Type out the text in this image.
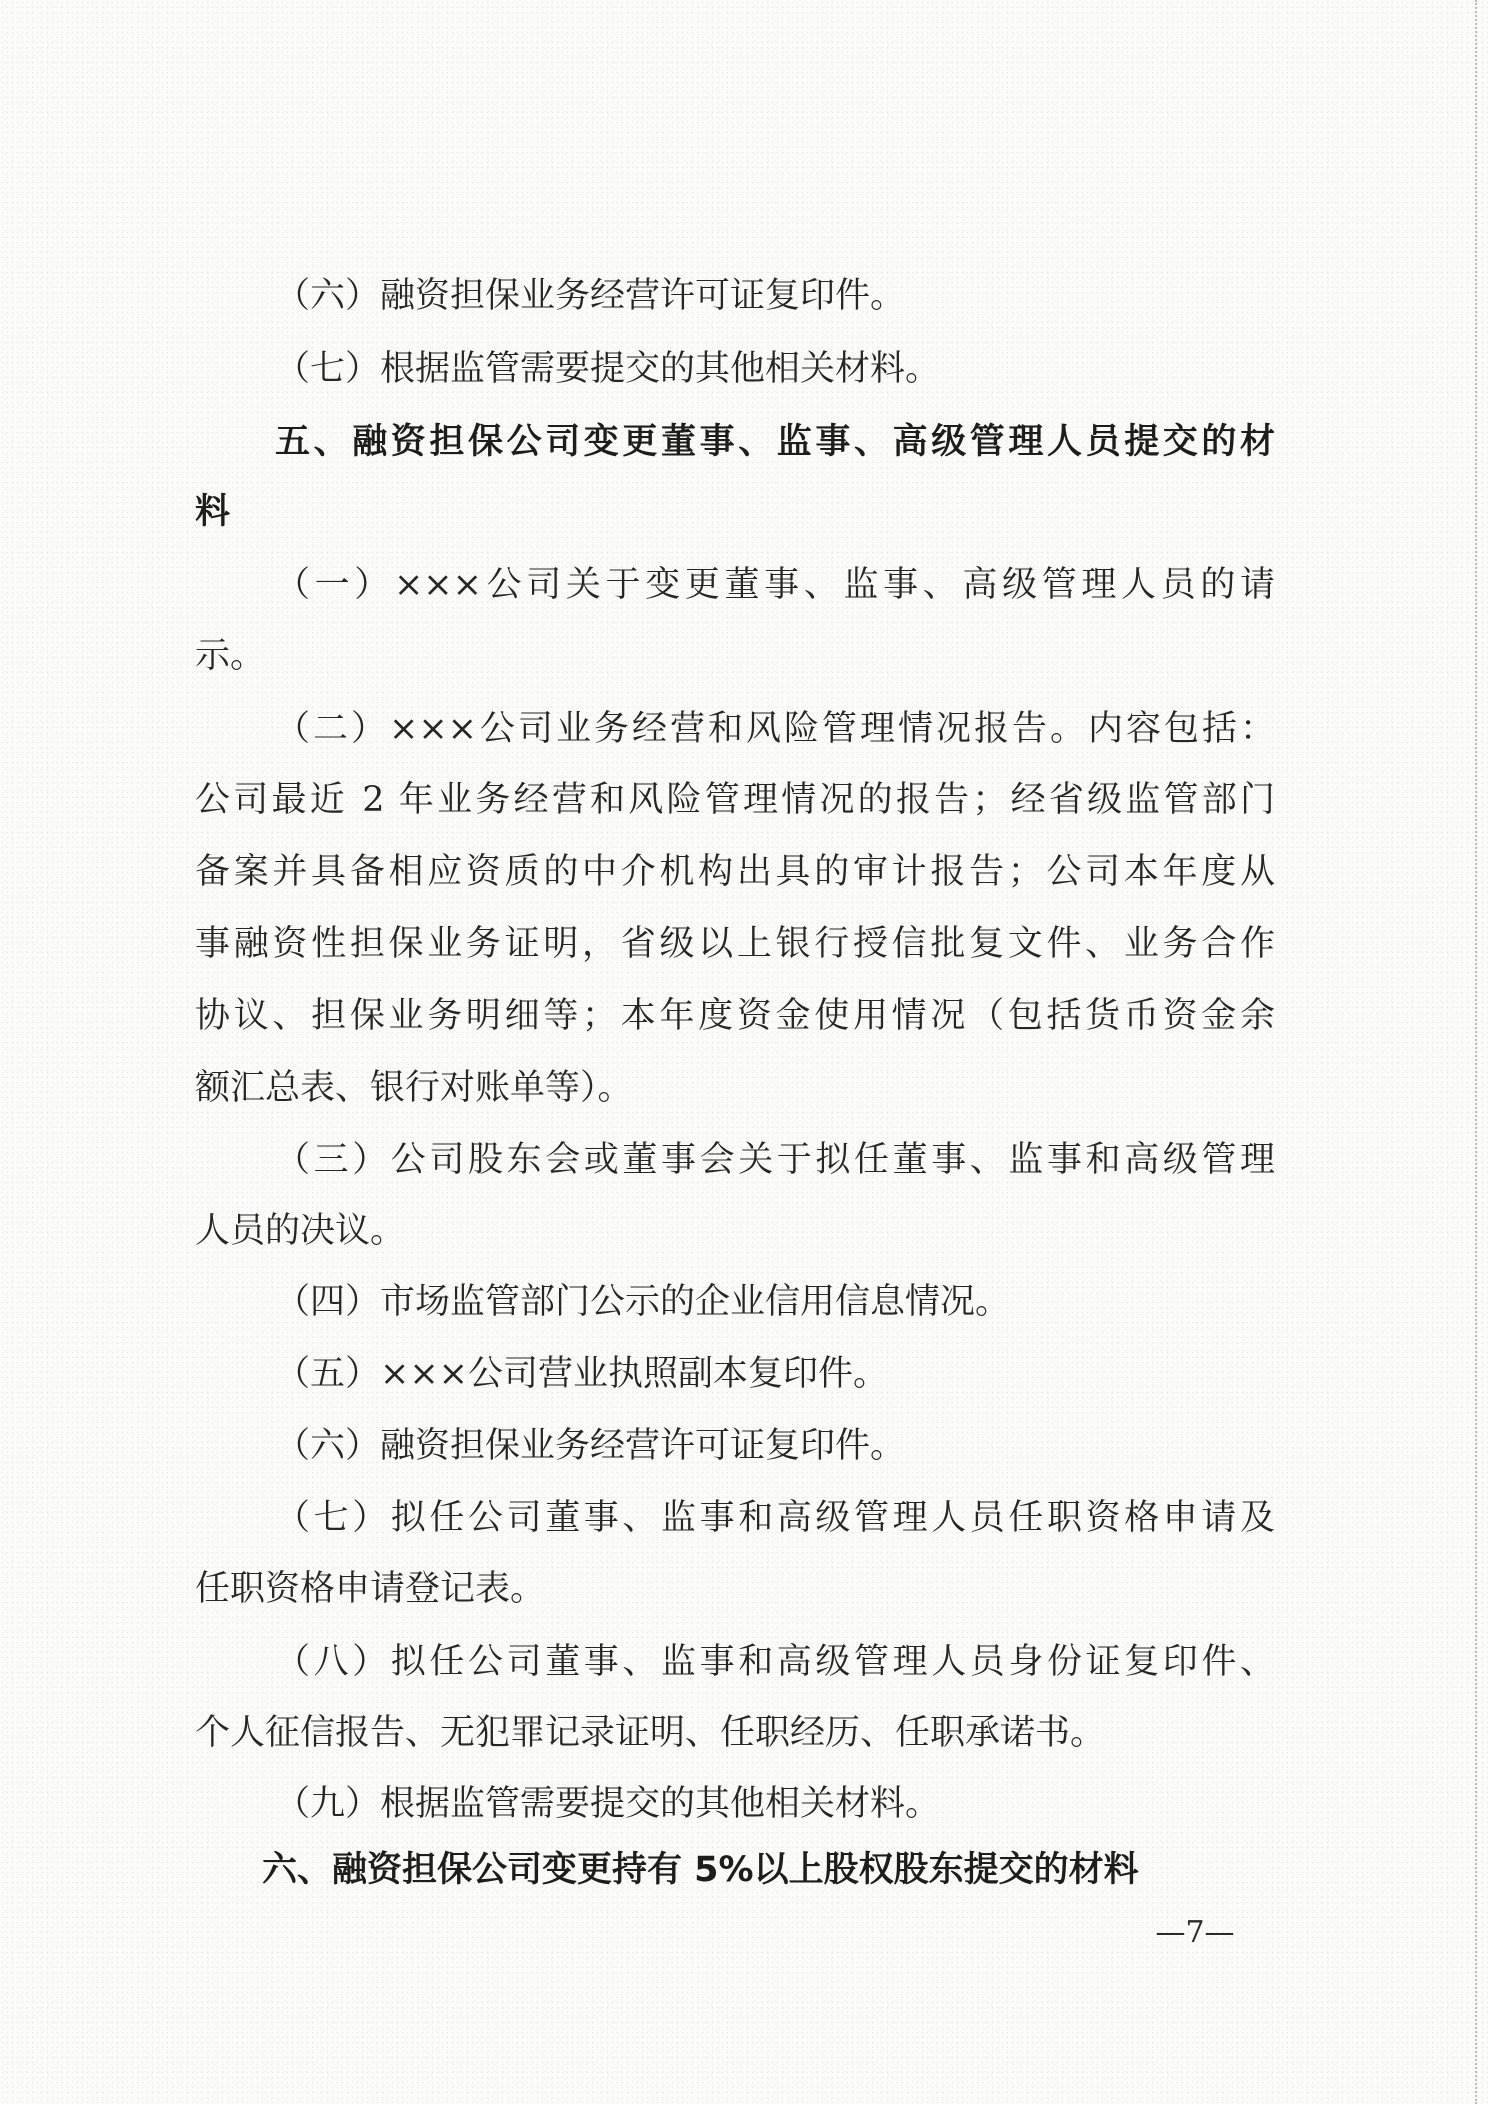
（六）融资担保业务经营许可证复印件。
（七）根据监管需要提交的其他相关材料。
五、融资担保公司变更董事、监事、高级管理人员提交的材
料
（一）×××公司关于变更董事、监事、高级管理人员的请
示。
（二）×××公司业务经营和风险管理情况报告。内容包括：
公司最近 2 年业务经营和风险管理情况的报告；经省级监管部门
备案并具备相应资质的中介机构出具的审计报告；公司本年度从
事融资性担保业务证明，省级以上银行授信批复文件、业务合作
协议、担保业务明细等；本年度资金使用情况（包括货币资金余
额汇总表、银行对账单等）。
（三）公司股东会或董事会关于拟任董事、监事和高级管理
人员的决议。
（四）市场监管部门公示的企业信用信息情况。
（五）×××公司营业执照副本复印件。
（六）融资担保业务经营许可证复印件。
（七）拟任公司董事、监事和高级管理人员任职资格申请及
任职资格申请登记表。
（八）拟任公司董事、监事和高级管理人员身份证复印件、
个人征信报告、无犯罪记录证明、任职经历、任职承诺书。
（九）根据监管需要提交的其他相关材料。
六、融资担保公司变更持有 5%以上股权股东提交的材料
—7—
